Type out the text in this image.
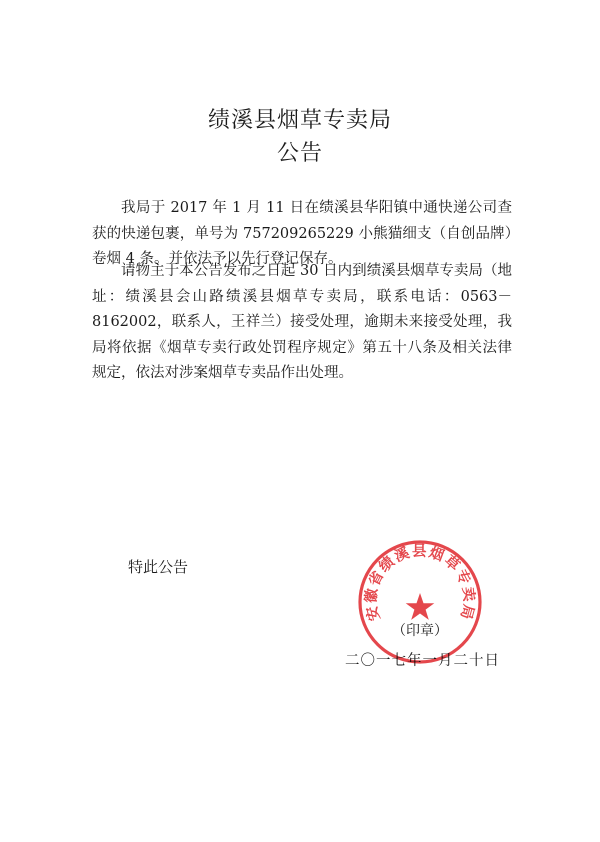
绩溪县烟草专卖局
公告

我局于 2017 年 1 月 11 日在绩溪县华阳镇中通快递公司查获的快递包裹，单号为 757209265229 小熊猫细支（自创品牌）卷烟 4 条。并依法予以先行登记保存。

请物主于本公告发布之日起 30 日内到绩溪县烟草专卖局（地址：绩溪县会山路绩溪县烟草专卖局，联系电话：0563－8162002，联系人，王祥兰）接受处理，逾期未来接受处理，我局将依据《烟草专卖行政处罚程序规定》第五十八条及相关法律规定，依法对涉案烟草专卖品作出处理。

特此公告
（印章）
二〇一七年一月二十日
安徽省绩溪县烟草专卖局
